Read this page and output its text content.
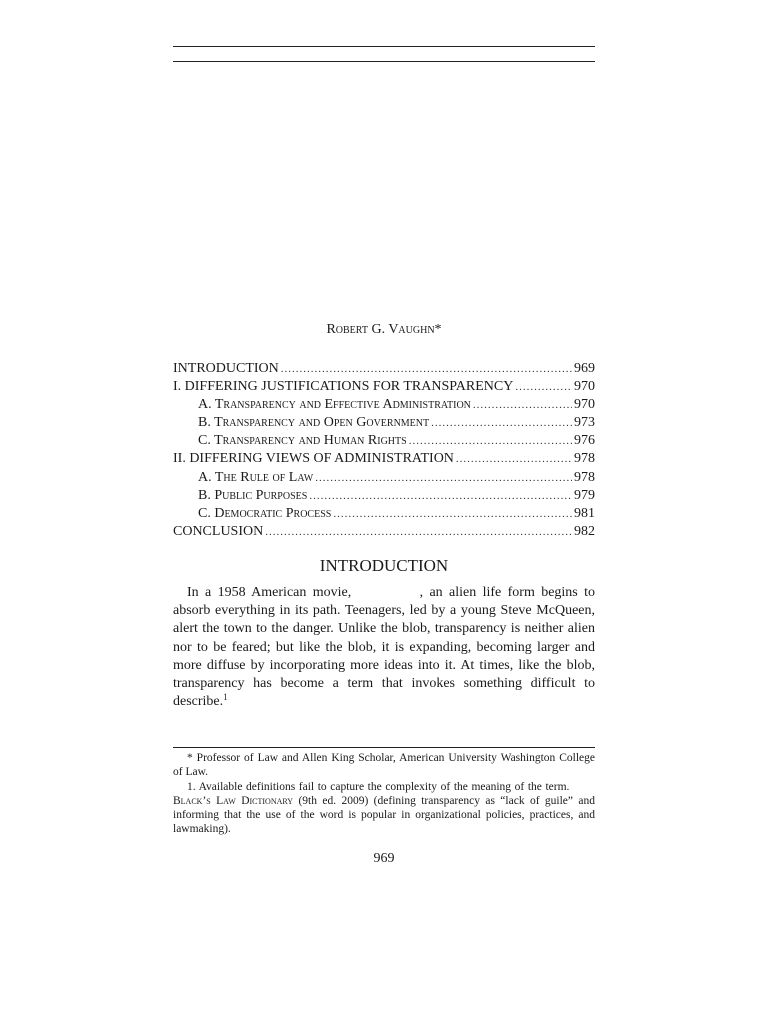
Robert G. Vaughn*
INTRODUCTION .....	969
I. DIFFERING JUSTIFICATIONS FOR TRANSPARENCY .....	970
A. Transparency and Effective Administration .....	970
B. Transparency and Open Government .....	973
C. Transparency and Human Rights .....	976
II. DIFFERING VIEWS OF ADMINISTRATION .....	978
A. The Rule of Law .....	978
B. Public Purposes .....	979
C. Democratic Process .....	981
CONCLUSION .....	982
INTRODUCTION

In a 1958 American movie,	, an alien life form begins to absorb everything in its path. Teenagers, led by a young Steve McQueen, alert the town to the danger. Unlike the blob, transparency is neither alien nor to be feared; but like the blob, it is expanding, becoming larger and more diffuse by incorporating more ideas into it. At times, like the blob, transparency has become a term that invokes something difficult to describe.$^1$

* Professor of Law and Allen King Scholar, American University Washington College of Law.

1. Available definitions fail to capture the complexity of the meaning of the term. Black’s Law Dictionary (9th ed. 2009) (defining transparency as “lack of guile” and informing that the use of the word is popular in organizational policies, practices, and lawmaking).

969
